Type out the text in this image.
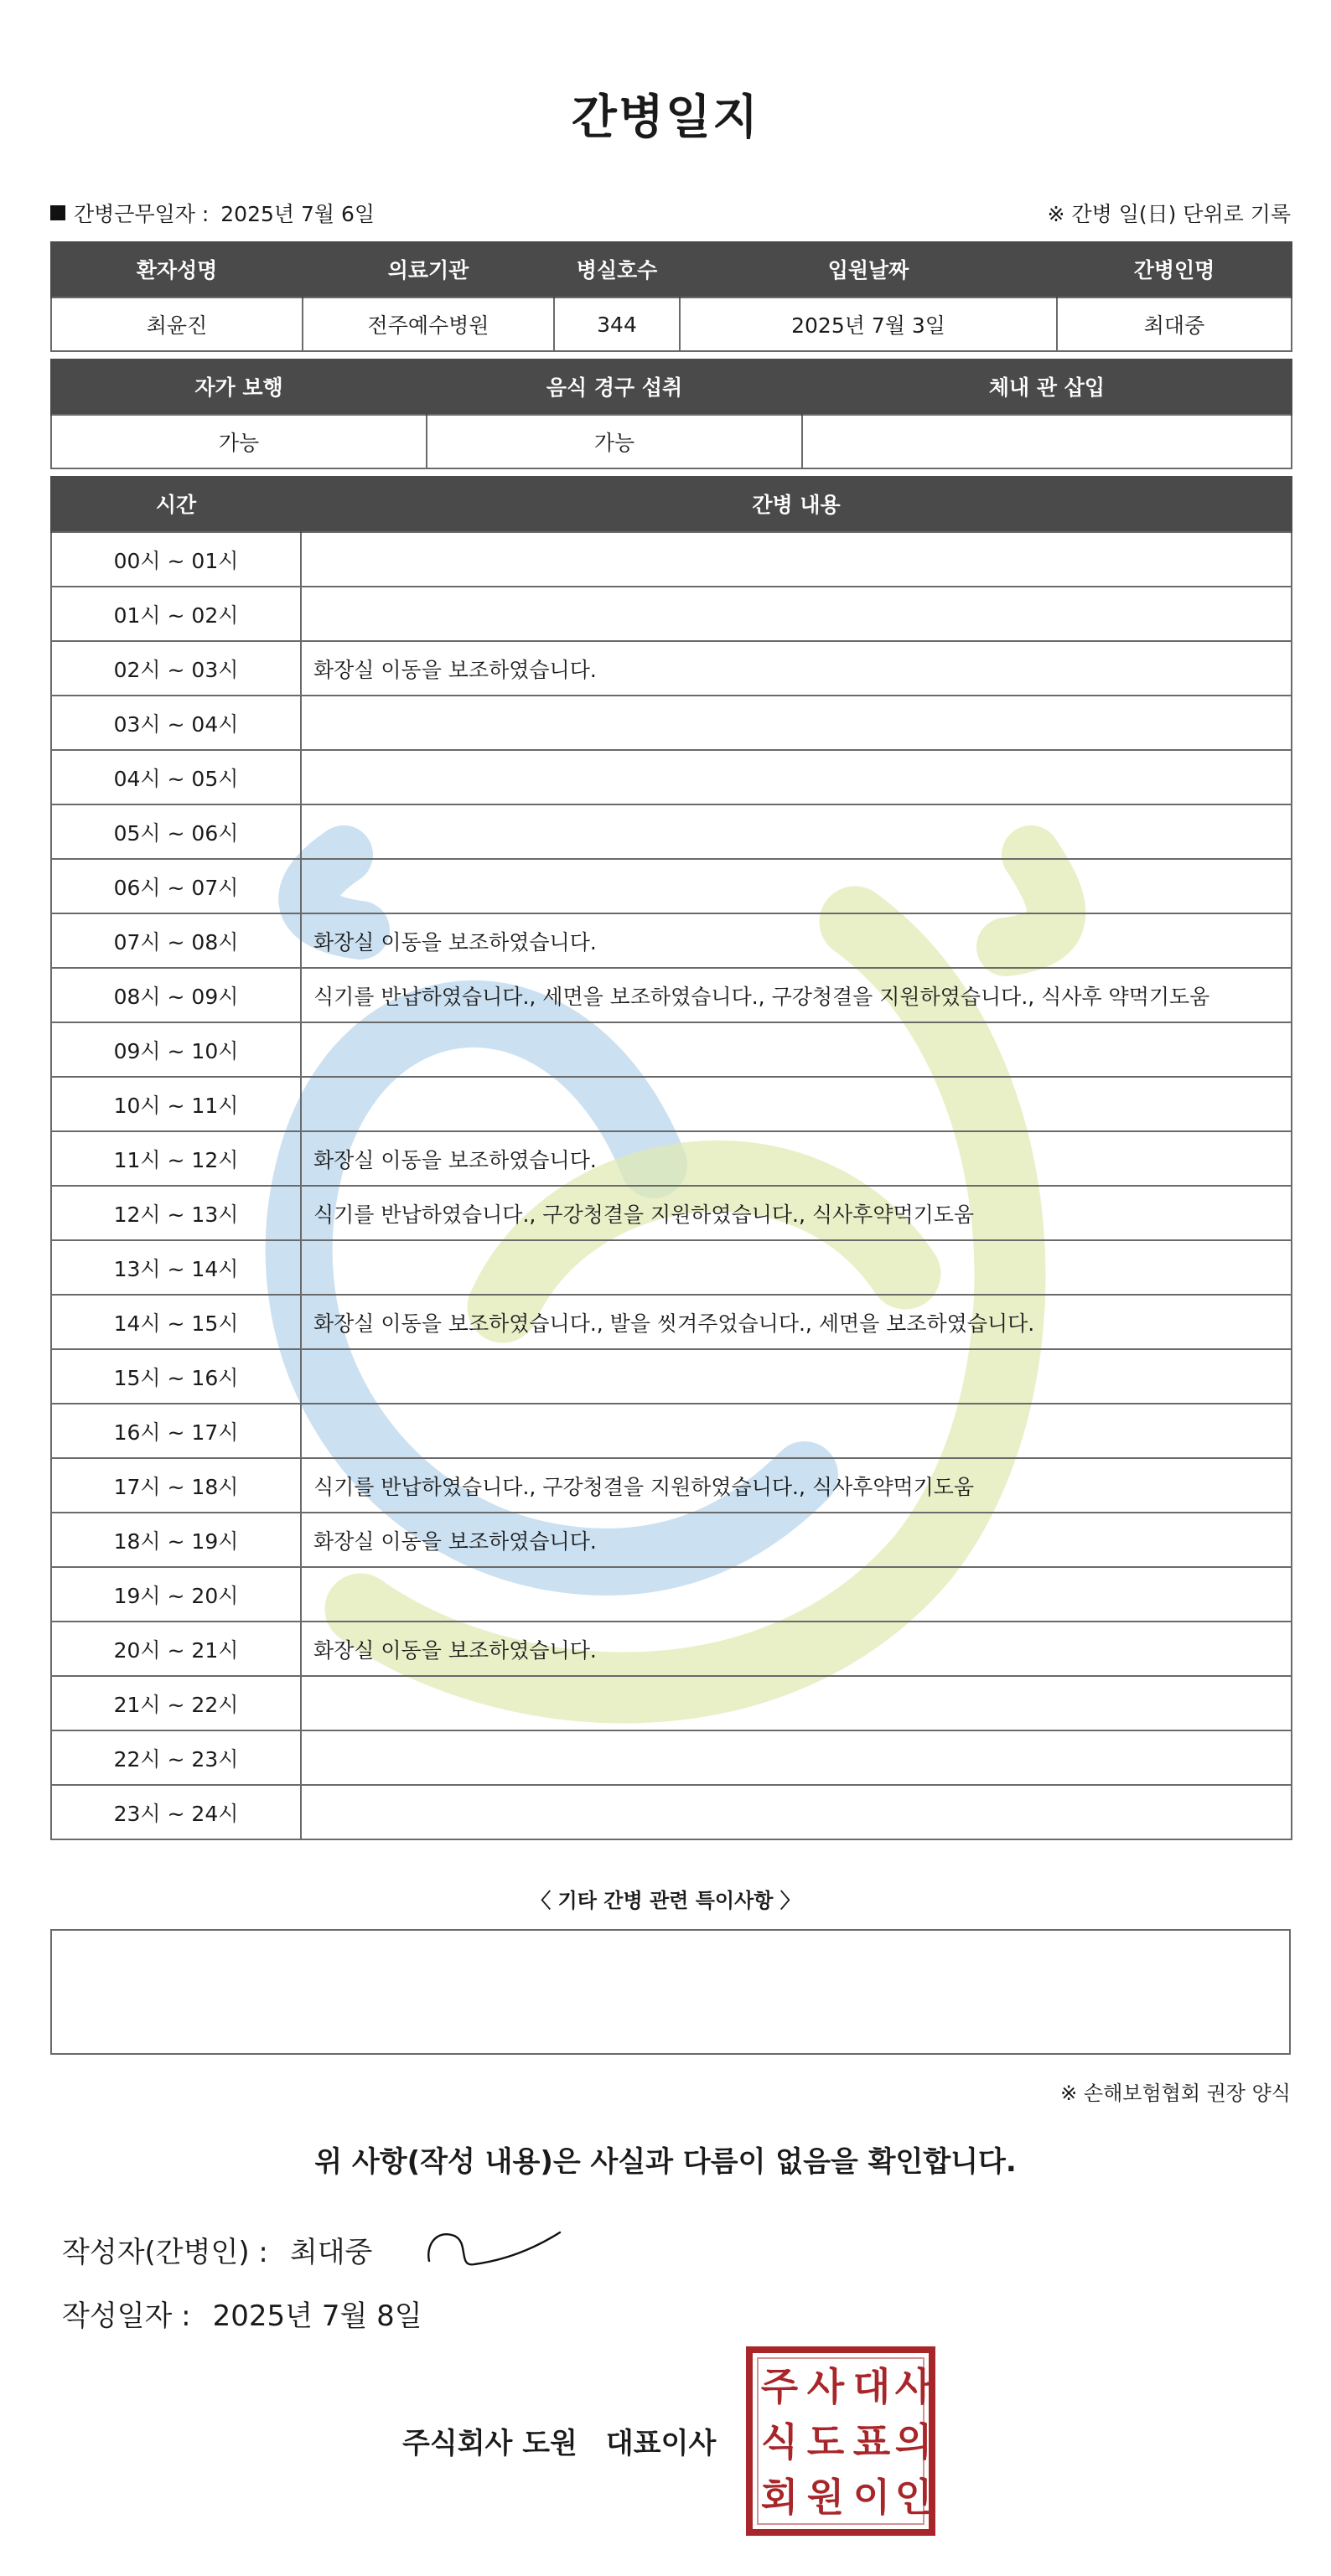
간병일지
간병근무일자 : 2025년 7월 6일	※ 간병 일(日) 단위로 기록
환자성명	의료기관	병실호수	입원날짜	간병인명
최윤진	전주예수병원	344	2025년 7월 3일	최대중
자가 보행	음식 경구 섭취	체내 관 삽입
가능	가능	
시간	간병 내용
00시 ~ 01시	
01시 ~ 02시	
02시 ~ 03시	화장실 이동을 보조하였습니다.
03시 ~ 04시	
04시 ~ 05시	
05시 ~ 06시	
06시 ~ 07시	
07시 ~ 08시	화장실 이동을 보조하였습니다.
08시 ~ 09시	식기를 반납하였습니다., 세면을 보조하였습니다., 구강청결을 지원하였습니다., 식사후 약먹기도움
09시 ~ 10시	
10시 ~ 11시	
11시 ~ 12시	화장실 이동을 보조하였습니다.
12시 ~ 13시	식기를 반납하였습니다., 구강청결을 지원하였습니다., 식사후약먹기도움
13시 ~ 14시	
14시 ~ 15시	화장실 이동을 보조하였습니다., 발을 씻겨주었습니다., 세면을 보조하였습니다.
15시 ~ 16시	
16시 ~ 17시	
17시 ~ 18시	식기를 반납하였습니다., 구강청결을 지원하였습니다., 식사후약먹기도움
18시 ~ 19시	화장실 이동을 보조하였습니다.
19시 ~ 20시	
20시 ~ 21시	화장실 이동을 보조하였습니다.
21시 ~ 22시	
22시 ~ 23시	
23시 ~ 24시	
〈 기타 간병 관련 특이사항 〉
※ 손해보험협회 권장 양식
위 사항(작성 내용)은 사실과 다름이 없음을 확인합니다.
작성자(간병인) : 최대중
작성일자 : 2025년 7월 8일
주식회사 도원 대표이사
주
식
회
사
도
원
대
표
이
사
의
인
